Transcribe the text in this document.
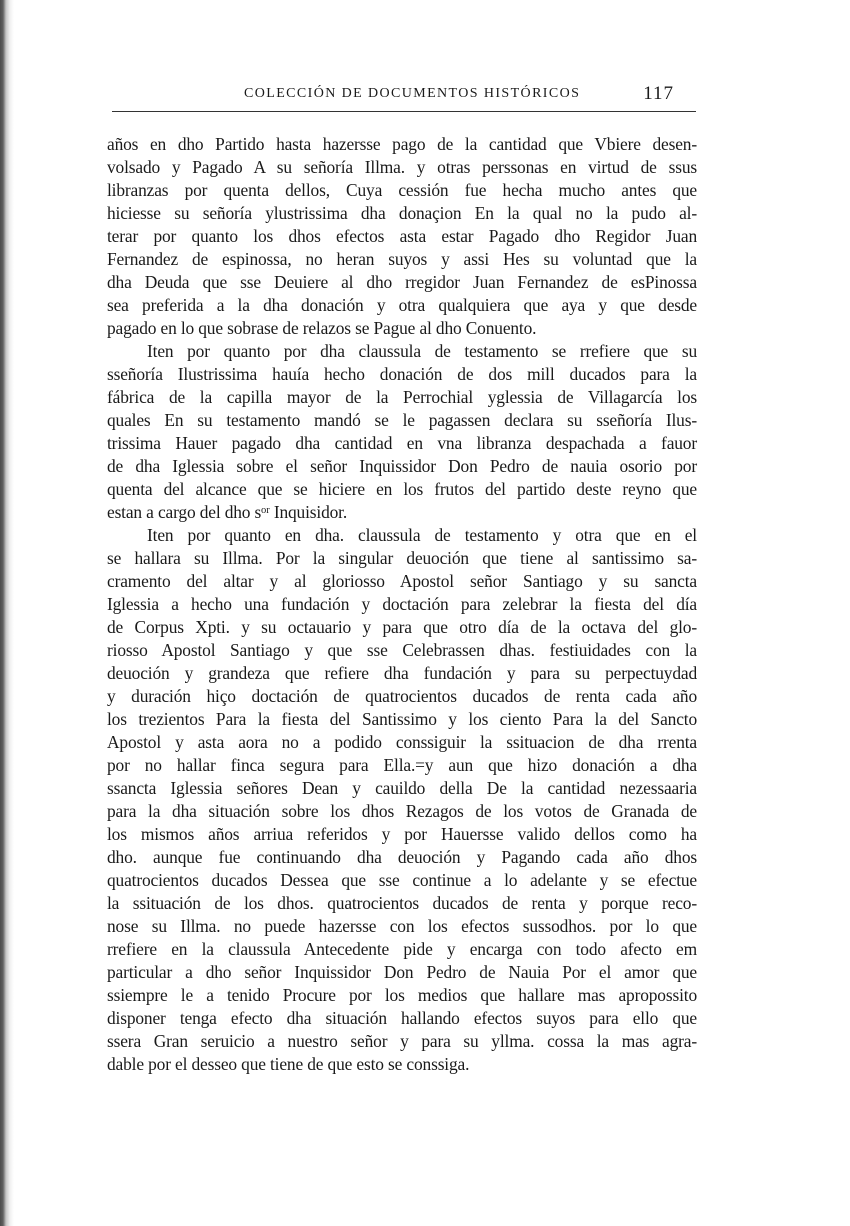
COLECCIÓN DE DOCUMENTOS HISTÓRICOS	117
años en dho Partido hasta hazersse pago de la cantidad que Vbiere desen-
volsado y Pagado A su señoría Illma. y otras perssonas en virtud de ssus
libranzas por quenta dellos, Cuya cessión fue hecha mucho antes que
hiciesse su señoría ylustrissima dha donaçion En la qual no la pudo al-
terar por quanto los dhos efectos asta estar Pagado dho Regidor Juan
Fernandez de espinossa, no heran suyos y assi Hes su voluntad que la
dha Deuda que sse Deuiere al dho rregidor Juan Fernandez de esPinossa
sea preferida a la dha donación y otra qualquiera que aya y que desde
pagado en lo que sobrase de relazos se Pague al dho Conuento.
Iten por quanto por dha claussula de testamento se rrefiere que su
sseñoría Ilustrissima hauía hecho donación de dos mill ducados para la
fábrica de la capilla mayor de la Perrochial yglessia de Villagarcía los
quales En su testamento mandó se le pagassen declara su sseñoría Ilus-
trissima Hauer pagado dha cantidad en vna libranza despachada a fauor
de dha Iglessia sobre el señor Inquissidor Don Pedro de nauia osorio por
quenta del alcance que se hiciere en los frutos del partido deste reyno que
estan a cargo del dho sᵒʳ Inquisidor.
Iten por quanto en dha. claussula de testamento y otra que en el
se hallara su Illma. Por la singular deuoción que tiene al santissimo sa-
cramento del altar y al gloriosso Apostol señor Santiago y su sancta
Iglessia a hecho una fundación y doctación para zelebrar la fiesta del día
de Corpus Xpti. y su octauario y para que otro día de la octava del glo-
riosso Apostol Santiago y que sse Celebrassen dhas. festiuidades con la
deuoción y grandeza que refiere dha fundación y para su perpectuydad
y duración hiço doctación de quatrocientos ducados de renta cada año
los trezientos Para la fiesta del Santissimo y los ciento Para la del Sancto
Apostol y asta aora no a podido conssiguir la ssituacion de dha rrenta
por no hallar finca segura para Ella.=y aun que hizo donación a dha
ssancta Iglessia señores Dean y cauildo della De la cantidad nezessaaria
para la dha situación sobre los dhos Rezagos de los votos de Granada de
los mismos años arriua referidos y por Hauersse valido dellos como ha
dho. aunque fue continuando dha deuoción y Pagando cada año dhos
quatrocientos ducados Dessea que sse continue a lo adelante y se efectue
la ssituación de los dhos. quatrocientos ducados de renta y porque reco-
nose su Illma. no puede hazersse con los efectos sussodhos. por lo que
rrefiere en la claussula Antecedente pide y encarga con todo afecto em
particular a dho señor Inquissidor Don Pedro de Nauia Por el amor que
ssiempre le a tenido Procure por los medios que hallare mas apropossito
disponer tenga efecto dha situación hallando efectos suyos para ello que
ssera Gran seruicio a nuestro señor y para su yllma. cossa la mas agra-
dable por el desseo que tiene de que esto se conssiga.
